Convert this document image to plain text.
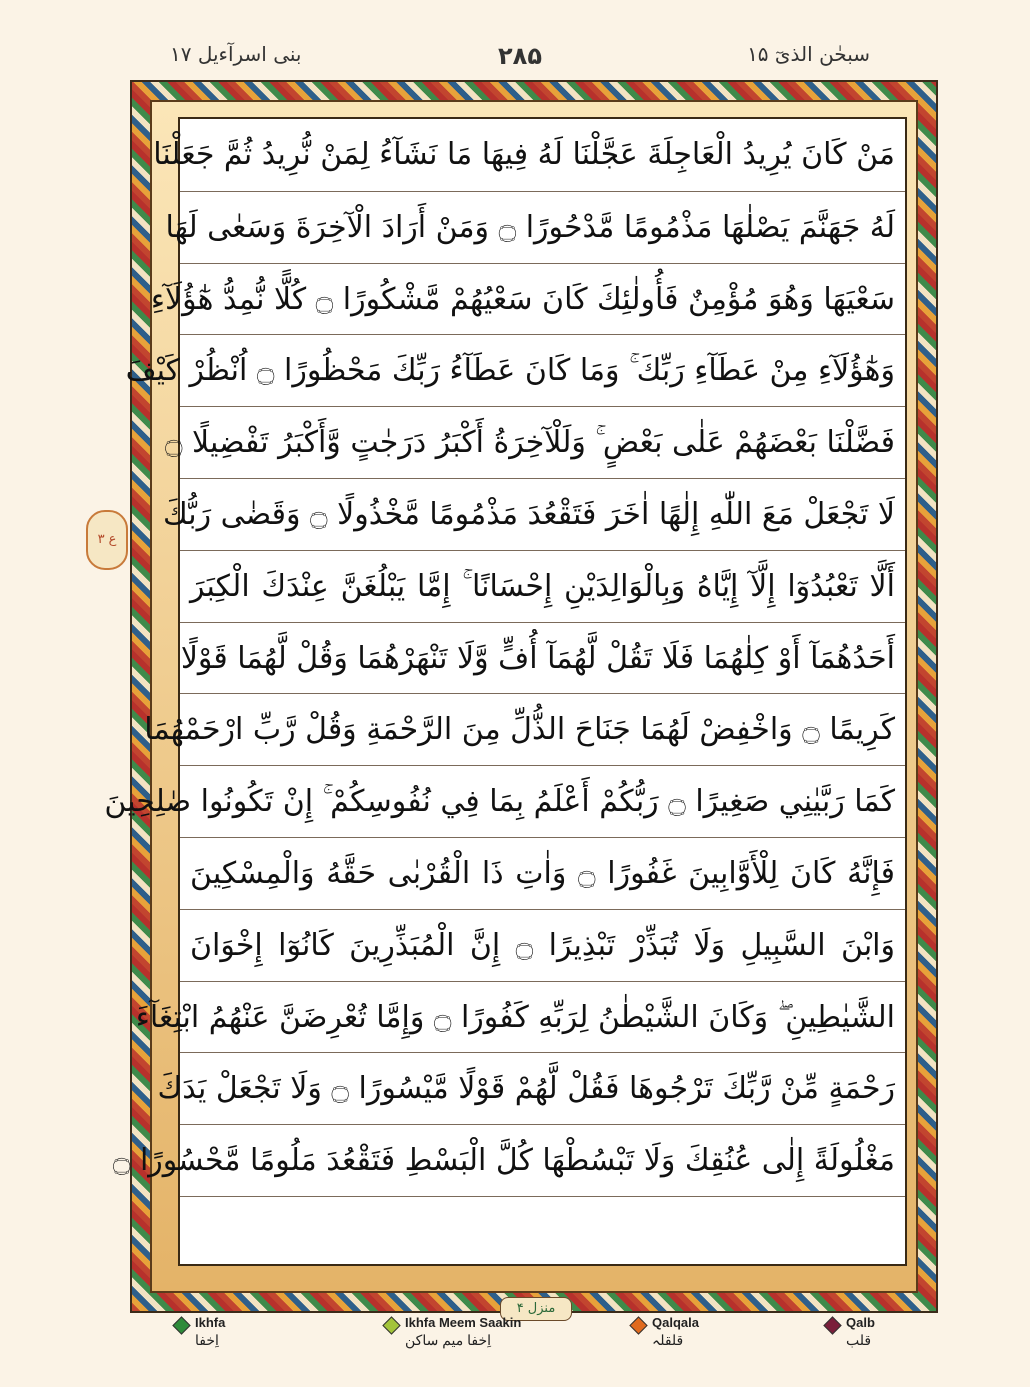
بنی اسرآءیل ۱۷	۲۸۵	سبحٰن الذیٓ ۱۵
مَنْ كَانَ يُرِيدُ الْعَاجِلَةَ عَجَّلْنَا لَهُ فِيهَا مَا نَشَآءُ لِمَنْ نُّرِيدُ ثُمَّ جَعَلْنَا
لَهُ جَهَنَّمَ يَصْلٰهَا مَذْمُومًا مَّدْحُورًا ۝ وَمَنْ أَرَادَ الْآخِرَةَ وَسَعٰى لَهَا
سَعْيَهَا وَهُوَ مُؤْمِنٌ فَأُولٰئِكَ كَانَ سَعْيُهُمْ مَّشْكُورًا ۝ كُلًّا نُّمِدُّ هٰٓؤُلَآءِ
وَهٰٓؤُلَآءِ مِنْ عَطَآءِ رَبِّكَ ۚ وَمَا كَانَ عَطَآءُ رَبِّكَ مَحْظُورًا ۝ اُنْظُرْ كَيْفَ
فَضَّلْنَا بَعْضَهُمْ عَلٰى بَعْضٍ ۚ وَلَلْآخِرَةُ أَكْبَرُ دَرَجٰتٍ وَّأَكْبَرُ تَفْضِيلًا ۝
لَا تَجْعَلْ مَعَ اللّٰهِ إِلٰهًا اٰخَرَ فَتَقْعُدَ مَذْمُومًا مَّخْذُولًا ۝ وَقَضٰى رَبُّكَ
أَلَّا تَعْبُدُوٓا إِلَّآ إِيَّاهُ وَبِالْوَالِدَيْنِ إِحْسَانًا ۚ إِمَّا يَبْلُغَنَّ عِنْدَكَ الْكِبَرَ
أَحَدُهُمَآ أَوْ كِلٰهُمَا فَلَا تَقُلْ لَّهُمَآ أُفٍّ وَّلَا تَنْهَرْهُمَا وَقُلْ لَّهُمَا قَوْلًا
كَرِيمًا ۝ وَاخْفِضْ لَهُمَا جَنَاحَ الذُّلِّ مِنَ الرَّحْمَةِ وَقُلْ رَّبِّ ارْحَمْهُمَا
كَمَا رَبَّيٰنِي صَغِيرًا ۝ رَبُّكُمْ أَعْلَمُ بِمَا فِي نُفُوسِكُمْ ۚ إِنْ تَكُونُوا صٰلِحِينَ
فَإِنَّهُ كَانَ لِلْأَوَّابِينَ غَفُورًا ۝ وَاٰتِ ذَا الْقُرْبٰى حَقَّهُ وَالْمِسْكِينَ
وَابْنَ السَّبِيلِ وَلَا تُبَذِّرْ تَبْذِيرًا ۝ إِنَّ الْمُبَذِّرِينَ كَانُوٓا إِخْوَانَ
الشَّيٰطِينِ ۖ وَكَانَ الشَّيْطٰنُ لِرَبِّهِ كَفُورًا ۝ وَإِمَّا تُعْرِضَنَّ عَنْهُمُ ابْتِغَآءَ
رَحْمَةٍ مِّنْ رَّبِّكَ تَرْجُوهَا فَقُلْ لَّهُمْ قَوْلًا مَّيْسُورًا ۝ وَلَا تَجْعَلْ يَدَكَ
مَغْلُولَةً إِلٰى عُنُقِكَ وَلَا تَبْسُطْهَا كُلَّ الْبَسْطِ فَتَقْعُدَ مَلُومًا مَّحْسُورًا ۝
ع ٣
منزل ۴
Ikhfa
اِخفا
Ikhfa Meem Saakin
اِخفا میم ساکن
Qalqala
قلقلہ
Qalb
قلب
